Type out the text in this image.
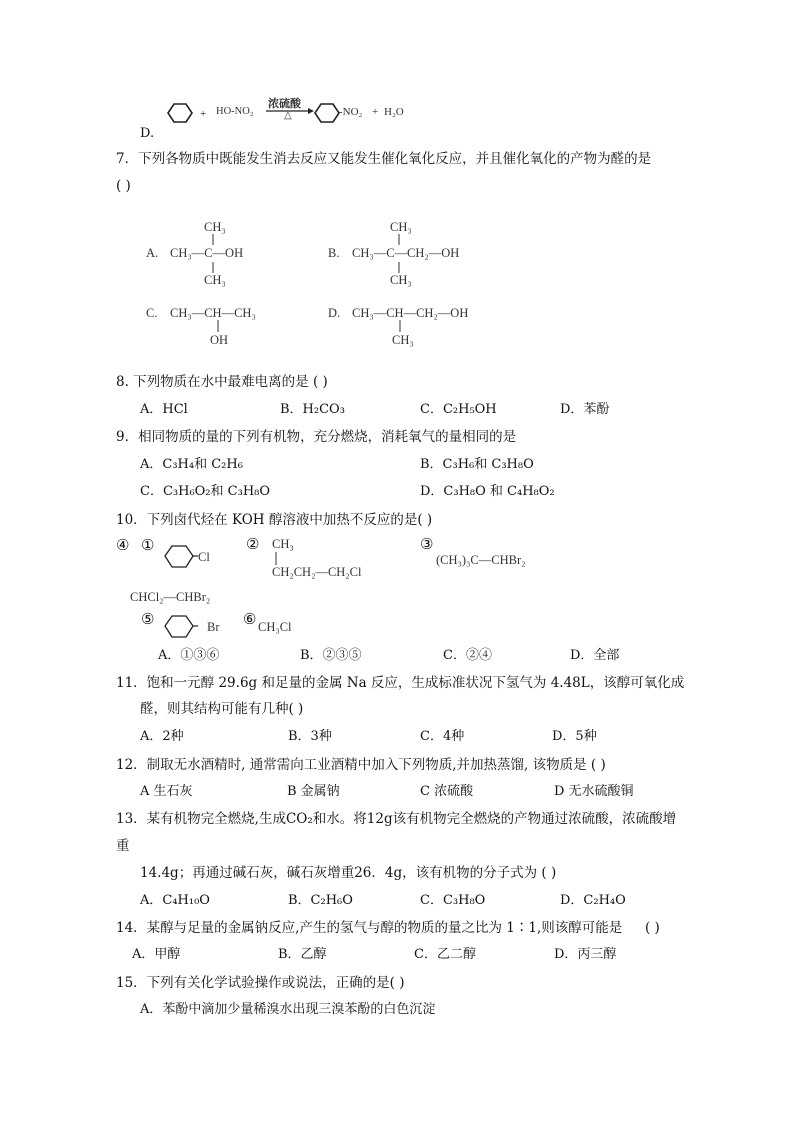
+ HO-NO₂
浓硫酸
△	-NO₂ + H₂O
D.
7．下列各物质中既能发生消去反应又能发生催化氧化反应，并且催化氧化的产物为醛的是
( )
A.
CH₃
CH₃—C—OH
CH₃
B.
CH₃
CH₃—C—CH₂—OH
CH₃
C. CH₃—CH—CH₃
OH
D. CH₃—CH—CH₂—OH
CH₃
8. 下列物质在水中最难电离的是 ( )
A．HCl	B．H₂CO₃	C．C₂H₅OH	D．苯酚
9．相同物质的量的下列有机物，充分燃烧，消耗氧气的量相同的是
A．C₃H₄和 C₂H₆	B．C₃H₆和 C₃H₈O
C．C₃H₆O₂和 C₃H₈O	D．C₃H₈O 和 C₄H₈O₂
10．下列卤代烃在 KOH 醇溶液中加热不反应的是( )
④ ①
Cl
② CH₃
CH₂CH₂—CH₂Cl
③
(CH₃)₃C—CHBr₂
CHCl₂—CHBr₂
⑤	Br ⑥ CH₃Cl
A．①③⑥	B．②③⑤	C．②④	D．全部
11．饱和一元醇 29.6g 和足量的金属 Na 反应，生成标准状况下氢气为 4.48L，该醇可氧化成
醛，则其结构可能有几种( )
A．2种	B．3种	C．4种	D．5种
12．制取无水酒精时, 通常需向工业酒精中加入下列物质,并加热蒸馏, 该物质是 ( )
A 生石灰	B 金属钠	C 浓硫酸	D 无水硫酸铜
13．某有机物完全燃烧,生成CO₂和水。将12g该有机物完全燃烧的产物通过浓硫酸，浓硫酸增
重
14.4g；再通过碱石灰，碱石灰增重26．4g，该有机物的分子式为 ( )
A．C₄H₁₀O	B．C₂H₆O	C．C₃H₈O	D．C₂H₄O
14．某醇与足量的金属钠反应,产生的氢气与醇的物质的量之比为 1∶1,则该醇可能是 ( )
A．甲醇	B．乙醇	C．乙二醇	D．丙三醇
15．下列有关化学试验操作或说法，正确的是( )
A．苯酚中滴加少量稀溴水出现三溴苯酚的白色沉淀
